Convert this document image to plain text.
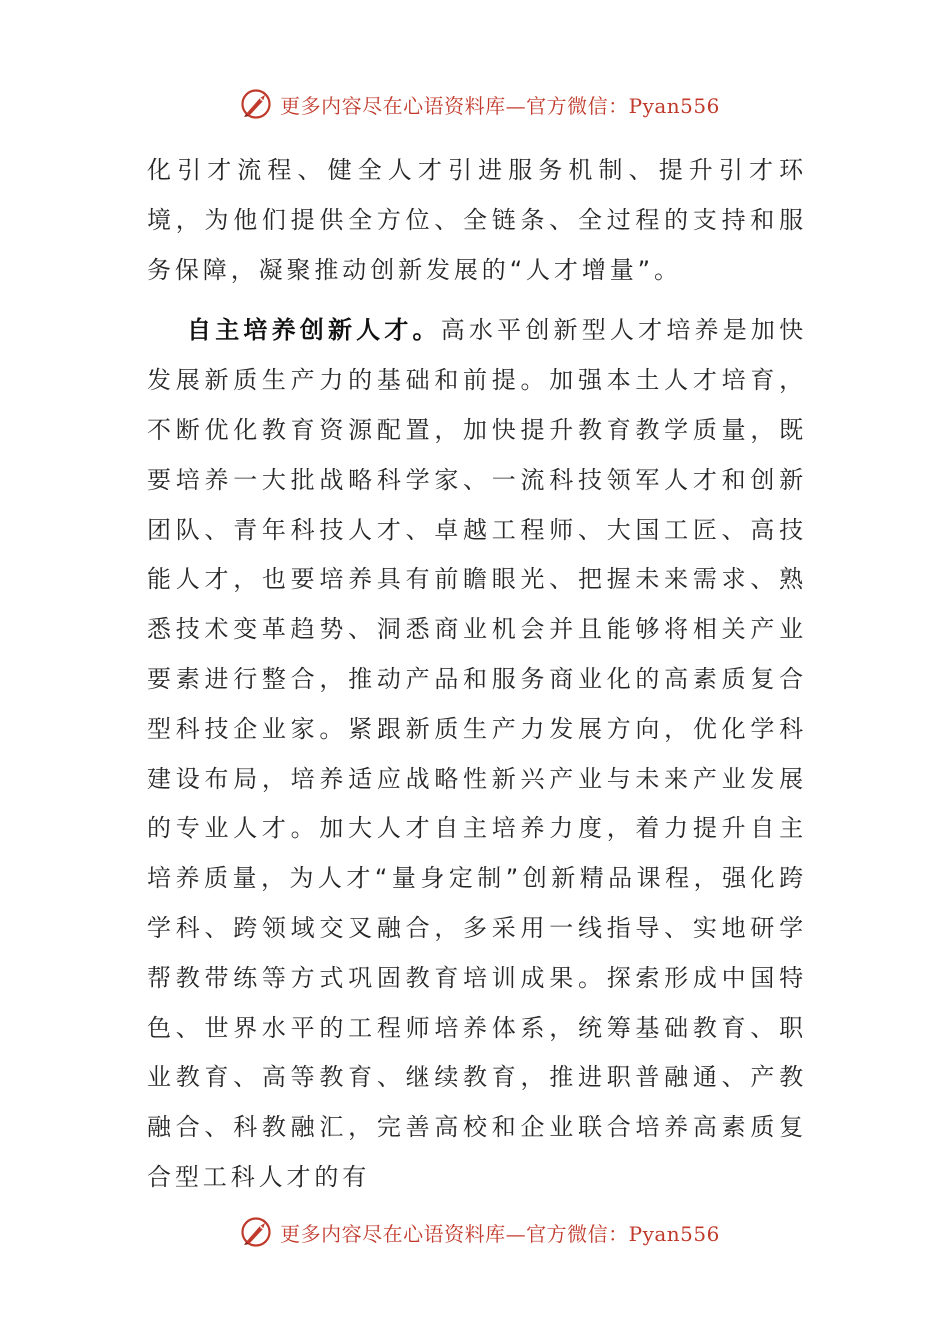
更多内容尽在心语资料库—官方微信：Pyan556

化引才流程、健全人才引进服务机制、提升引才环境，为他们提供全方位、全链条、全过程的支持和服务保障，凝聚推动创新发展的“人才增量”。

自主培养创新人才。高水平创新型人才培养是加快发展新质生产力的基础和前提。加强本土人才培育，不断优化教育资源配置，加快提升教育教学质量，既要培养一大批战略科学家、一流科技领军人才和创新团队、青年科技人才、卓越工程师、大国工匠、高技能人才，也要培养具有前瞻眼光、把握未来需求、熟悉技术变革趋势、洞悉商业机会并且能够将相关产业要素进行整合，推动产品和服务商业化的高素质复合型科技企业家。紧跟新质生产力发展方向，优化学科建设布局，培养适应战略性新兴产业与未来产业发展的专业人才。加大人才自主培养力度，着力提升自主培养质量，为人才“量身定制”创新精品课程，强化跨学科、跨领域交叉融合，多采用一线指导、实地研学帮教带练等方式巩固教育培训成果。探索形成中国特色、世界水平的工程师培养体系，统筹基础教育、职业教育、高等教育、继续教育，推进职普融通、产教融合、科教融汇，完善高校和企业联合培养高素质复合型工科人才的有

更多内容尽在心语资料库—官方微信：Pyan556
